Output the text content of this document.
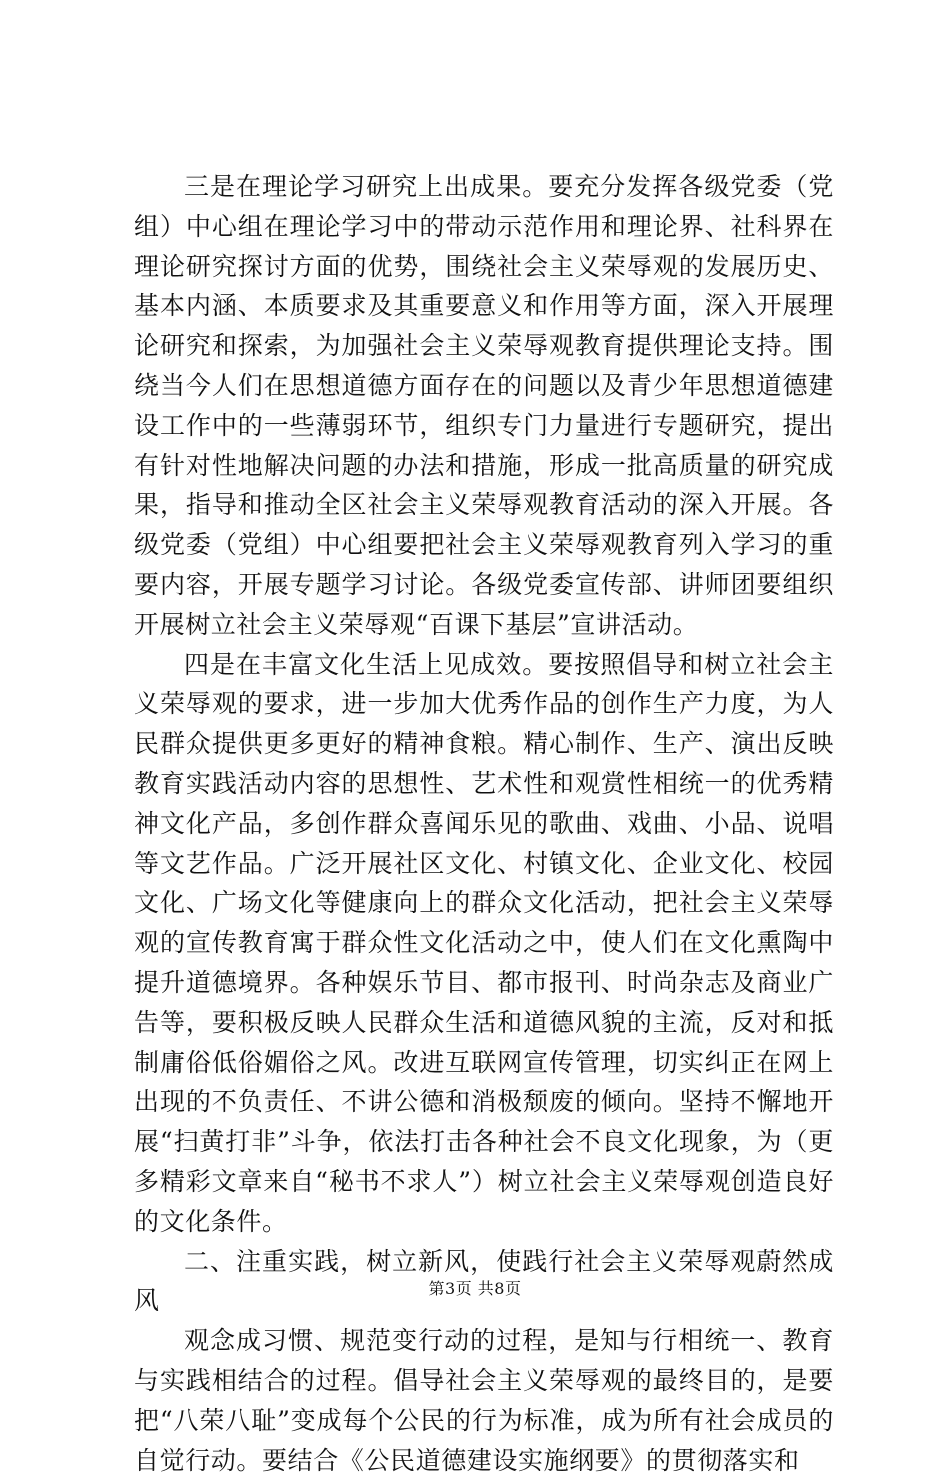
三是在理论学习研究上出成果。要充分发挥各级党委（党组）中心组在理论学习中的带动示范作用和理论界、社科界在理论研究探讨方面的优势，围绕社会主义荣辱观的发展历史、基本内涵、本质要求及其重要意义和作用等方面，深入开展理论研究和探索，为加强社会主义荣辱观教育提供理论支持。围绕当今人们在思想道德方面存在的问题以及青少年思想道德建设工作中的一些薄弱环节，组织专门力量进行专题研究，提出有针对性地解决问题的办法和措施，形成一批高质量的研究成果，指导和推动全区社会主义荣辱观教育活动的深入开展。各级党委（党组）中心组要把社会主义荣辱观教育列入学习的重要内容，开展专题学习讨论。各级党委宣传部、讲师团要组织开展树立社会主义荣辱观“百课下基层”宣讲活动。

四是在丰富文化生活上见成效。要按照倡导和树立社会主义荣辱观的要求，进一步加大优秀作品的创作生产力度，为人民群众提供更多更好的精神食粮。精心制作、生产、演出反映教育实践活动内容的思想性、艺术性和观赏性相统一的优秀精神文化产品，多创作群众喜闻乐见的歌曲、戏曲、小品、说唱等文艺作品。广泛开展社区文化、村镇文化、企业文化、校园文化、广场文化等健康向上的群众文化活动，把社会主义荣辱观的宣传教育寓于群众性文化活动之中，使人们在文化熏陶中提升道德境界。各种娱乐节目、都市报刊、时尚杂志及商业广告等，要积极反映人民群众生活和道德风貌的主流，反对和抵制庸俗低俗媚俗之风。改进互联网宣传管理，切实纠正在网上出现的不负责任、不讲公德和消极颓废的倾向。坚持不懈地开展“扫黄打非”斗争，依法打击各种社会不良文化现象，为（更多精彩文章来自“秘书不求人”）树立社会主义荣辱观创造良好的文化条件。

二、注重实践，树立新风，使践行社会主义荣辱观蔚然成风

观念成习惯、规范变行动的过程，是知与行相统一、教育与实践相结合的过程。倡导社会主义荣辱观的最终目的，是要把“八荣八耻”变成每个公民的行为标准，成为所有社会成员的自觉行动。要结合《公民道德建设实施纲要》的贯彻落实和

第3页 共8页
